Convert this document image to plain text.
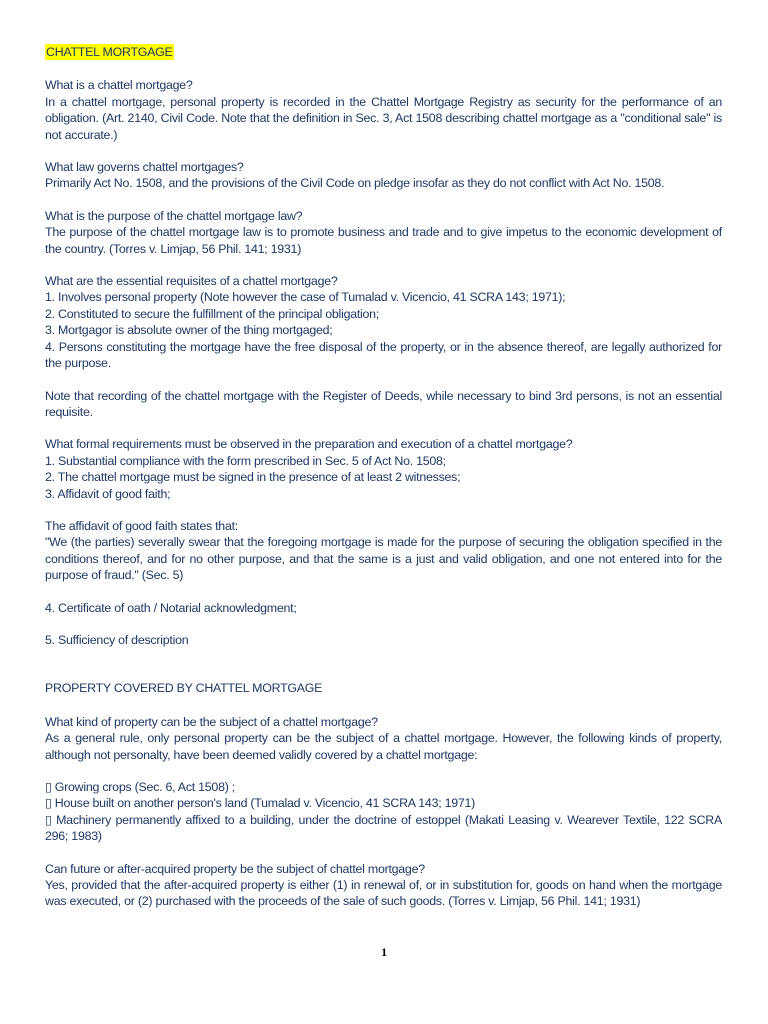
CHATTEL MORTGAGE

What is a chattel mortgage?

In a chattel mortgage, personal property is recorded in the Chattel Mortgage Registry as security for the performance of an obligation. (Art. 2140, Civil Code. Note that the definition in Sec. 3, Act 1508 describing chattel mortgage as a "conditional sale" is not accurate.)

What law governs chattel mortgages?

Primarily Act No. 1508, and the provisions of the Civil Code on pledge insofar as they do not conflict with Act No. 1508.

What is the purpose of the chattel mortgage law?

The purpose of the chattel mortgage law is to promote business and trade and to give impetus to the economic development of the country. (Torres v. Limjap, 56 Phil. 141; 1931)

What are the essential requisites of a chattel mortgage?

1. Involves personal property (Note however the case of Tumalad v. Vicencio, 41 SCRA 143; 1971);

2. Constituted to secure the fulfillment of the principal obligation;

3. Mortgagor is absolute owner of the thing mortgaged;

4. Persons constituting the mortgage have the free disposal of the property, or in the absence thereof, are legally authorized for the purpose.

Note that recording of the chattel mortgage with the Register of Deeds, while necessary to bind 3rd persons, is not an essential requisite.

What formal requirements must be observed in the preparation and execution of a chattel mortgage?

1. Substantial compliance with the form prescribed in Sec. 5 of Act No. 1508;

2. The chattel mortgage must be signed in the presence of at least 2 witnesses;

3. Affidavit of good faith;

The affidavit of good faith states that:

"We (the parties) severally swear that the foregoing mortgage is made for the purpose of securing the obligation specified in the conditions thereof, and for no other purpose, and that the same is a just and valid obligation, and one not entered into for the purpose of fraud." (Sec. 5)

4. Certificate of oath / Notarial acknowledgment;

5. Sufficiency of description

PROPERTY COVERED BY CHATTEL MORTGAGE

What kind of property can be the subject of a chattel mortgage?

As a general rule, only personal property can be the subject of a chattel mortgage. However, the following kinds of property, although not personalty, have been deemed validly covered by a chattel mortgage:

▯ Growing crops (Sec. 6, Act 1508) ;

▯ House built on another person's land (Tumalad v. Vicencio, 41 SCRA 143; 1971)

▯ Machinery permanently affixed to a building, under the doctrine of estoppel (Makati Leasing v. Wearever Textile, 122 SCRA 296; 1983)

Can future or after-acquired property be the subject of chattel mortgage?

Yes, provided that the after-acquired property is either (1) in renewal of, or in substitution for, goods on hand when the mortgage was executed, or (2) purchased with the proceeds of the sale of such goods. (Torres v. Limjap, 56 Phil. 141; 1931)

1
